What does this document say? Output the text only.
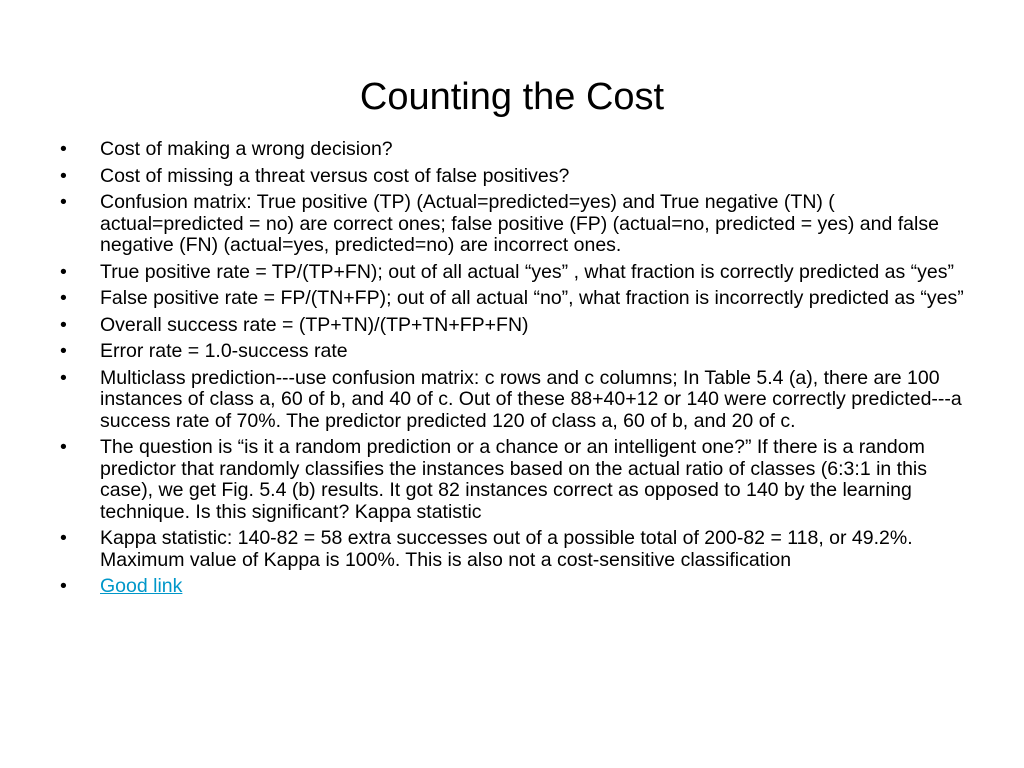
Counting the Cost
•	Cost of making a wrong decision?
•	Cost of missing a threat versus cost of false positives?
•	Confusion matrix: True positive (TP) (Actual=predicted=yes) and True negative (TN) ( actual=predicted = no) are correct ones; false positive (FP) (actual=no, predicted = yes) and false negative (FN) (actual=yes, predicted=no) are incorrect ones.
•	True positive rate = TP/(TP+FN); out of all actual “yes” , what fraction is correctly predicted as “yes”
•	False positive rate = FP/(TN+FP); out of all actual “no”, what fraction is incorrectly predicted as “yes”
•	Overall success rate = (TP+TN)/(TP+TN+FP+FN)
•	Error rate = 1.0-success rate
•	Multiclass prediction---use confusion matrix: c rows and c columns; In Table 5.4 (a), there are 100 instances of class a, 60 of b, and 40 of c. Out of these 88+40+12 or 140 were correctly predicted---a success rate of 70%. The predictor predicted 120 of class a, 60 of b, and 20 of c.
•	The question is “is it a random prediction or a chance or an intelligent one?” If there is a random predictor that randomly classifies the instances based on the actual ratio of classes (6:3:1 in this case), we get Fig. 5.4 (b) results. It got 82 instances correct as opposed to 140 by the learning technique. Is this significant? Kappa statistic
•	Kappa statistic: 140-82 = 58 extra successes out of a possible total of 200-82 = 118, or 49.2%. Maximum value of Kappa is 100%. This is also not a cost-sensitive classification
•	Good link
